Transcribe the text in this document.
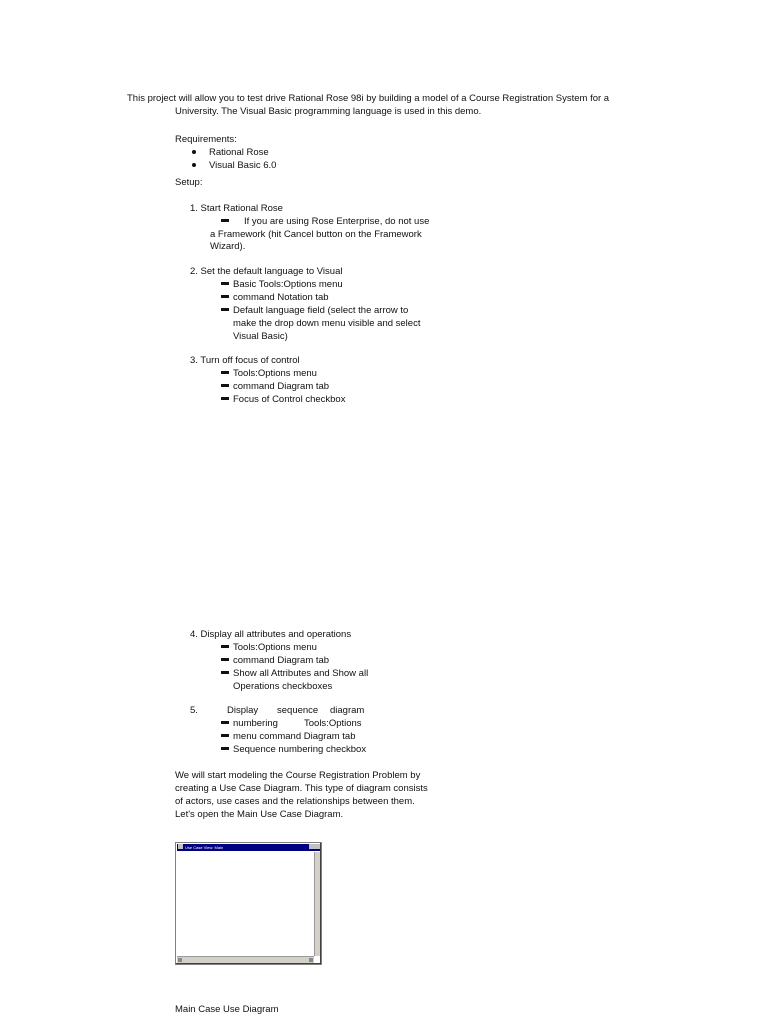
This project will allow you to test drive Rational Rose 98i by building a model of a Course Registration System for a
University. The Visual Basic programming language is used in this demo.
Requirements:
Rational Rose
Visual Basic 6.0
Setup:
1. Start Rational Rose
If you are using Rose Enterprise, do not use
a Framework (hit Cancel button on the Framework
Wizard).
2. Set the default language to Visual
Basic Tools:Options menu
command Notation tab
Default language field (select the arrow to
make the drop down menu visible and select
Visual Basic)
3. Turn off focus of control
Tools:Options menu
command Diagram tab
Focus of Control checkbox
4. Display all attributes and operations
Tools:Options menu
command Diagram tab
Show all Attributes and Show all
Operations checkboxes
5.	Display sequence diagram
numbering	Tools:Options
menu command Diagram tab
Sequence numbering checkbox
We will start modeling the Course Registration Problem by
creating a Use Case Diagram. This type of diagram consists
of actors, use cases and the relationships between them.
Let's open the Main Use Case Diagram.
Use Case View: Main
Main Case Use Diagram
